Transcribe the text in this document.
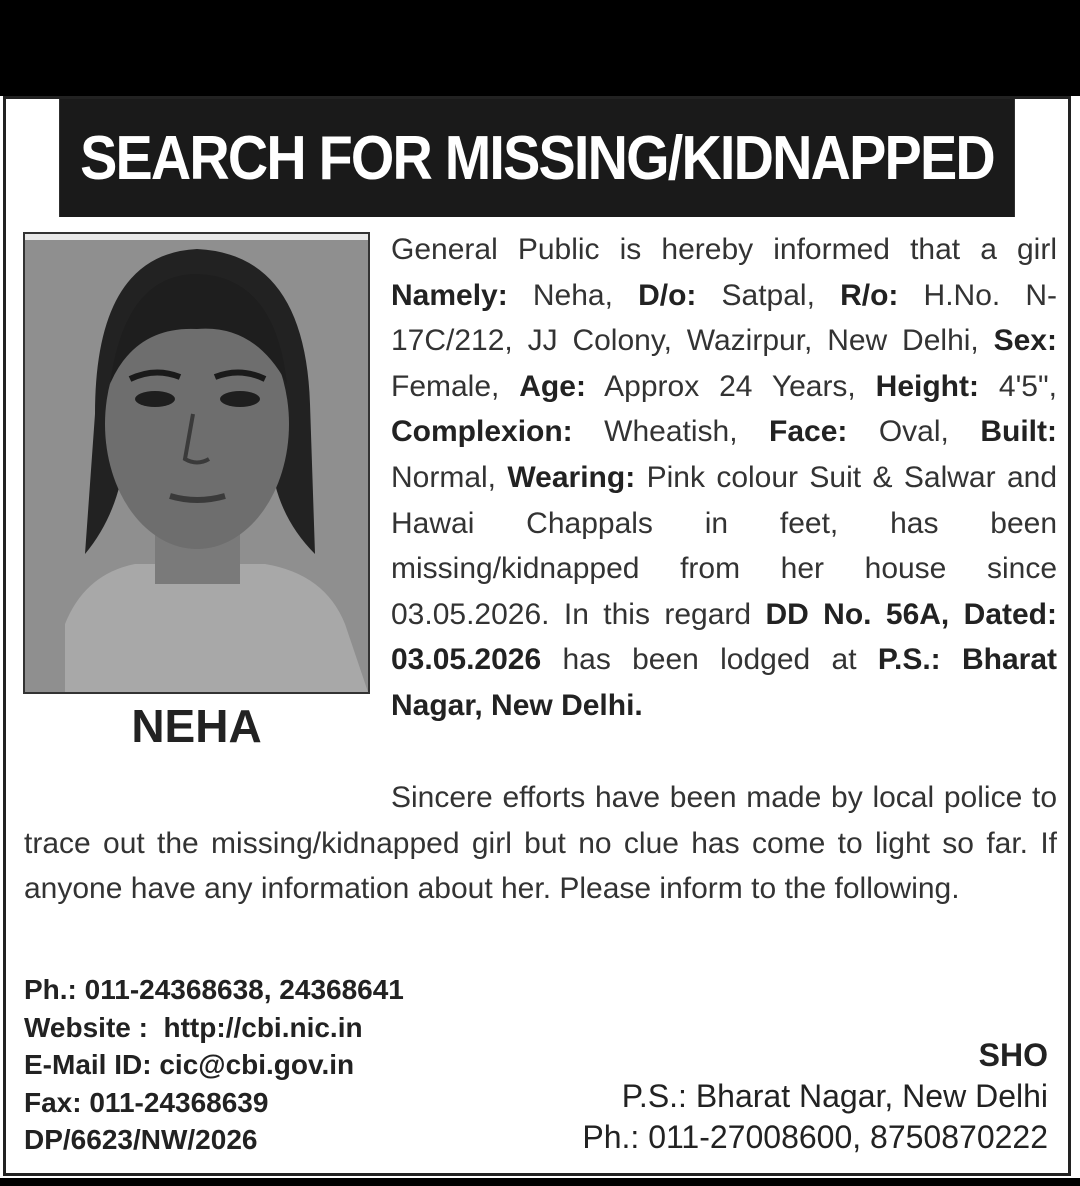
SEARCH FOR MISSING/KIDNAPPED
NEHA
General Public is hereby informed that a girl Namely: Neha, D/o: Satpal, R/o: H.No. N-17C/212, JJ Colony, Wazirpur, New Delhi, Sex: Female, Age: Approx 24 Years, Height: 4'5", Complexion: Wheatish, Face: Oval, Built: Normal, Wearing: Pink colour Suit & Salwar and Hawai Chappals in feet, has been missing/kidnapped from her house since 03.05.2026. In this regard DD No. 56A, Dated: 03.05.2026 has been lodged at P.S.: Bharat Nagar, New Delhi.
Sincere efforts have been made by local police to trace out the missing/kidnapped girl but no clue has come to light so far. If anyone have any information about her. Please inform to the following.
Ph.: 011-24368638, 24368641
Website :  http://cbi.nic.in
E-Mail ID: cic@cbi.gov.in
Fax: 011-24368639
DP/6623/NW/2026
SHO
P.S.: Bharat Nagar, New Delhi
Ph.: 011-27008600, 8750870222
